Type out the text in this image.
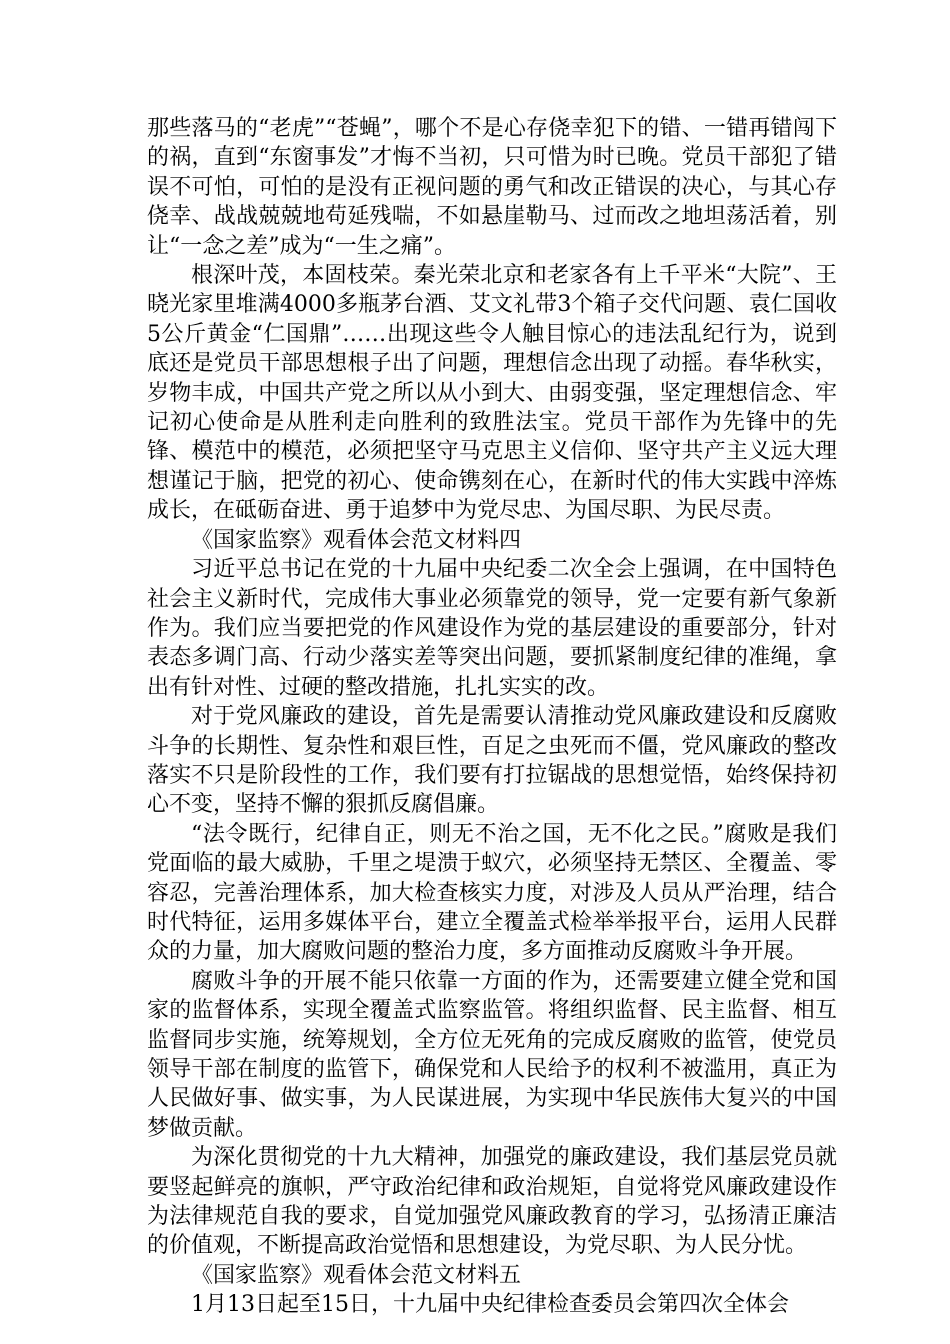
那些落马的“老虎”“苍蝇”，哪个不是心存侥幸犯下的错、一错再错闯下的祸，直到“东窗事发”才悔不当初，只可惜为时已晚。党员干部犯了错误不可怕，可怕的是没有正视问题的勇气和改正错误的决心，与其心存侥幸、战战兢兢地苟延残喘，不如悬崖勒马、过而改之地坦荡活着，别让“一念之差”成为“一生之痛”。

根深叶茂，本固枝荣。秦光荣北京和老家各有上千平米“大院”、王晓光家里堆满4000多瓶茅台酒、艾文礼带3个箱子交代问题、袁仁国收5公斤黄金“仁国鼎”……出现这些令人触目惊心的违法乱纪行为，说到底还是党员干部思想根子出了问题，理想信念出现了动摇。春华秋实，岁物丰成，中国共产党之所以从小到大、由弱变强，坚定理想信念、牢记初心使命是从胜利走向胜利的致胜法宝。党员干部作为先锋中的先锋、模范中的模范，必须把坚守马克思主义信仰、坚守共产主义远大理想谨记于脑，把党的初心、使命镌刻在心，在新时代的伟大实践中淬炼成长，在砥砺奋进、勇于追梦中为党尽忠、为国尽职、为民尽责。

《国家监察》观看体会范文材料四

习近平总书记在党的十九届中央纪委二次全会上强调，在中国特色社会主义新时代，完成伟大事业必须靠党的领导，党一定要有新气象新作为。我们应当要把党的作风建设作为党的基层建设的重要部分，针对表态多调门高、行动少落实差等突出问题，要抓紧制度纪律的准绳，拿出有针对性、过硬的整改措施，扎扎实实的改。

对于党风廉政的建设，首先是需要认清推动党风廉政建设和反腐败斗争的长期性、复杂性和艰巨性，百足之虫死而不僵，党风廉政的整改落实不只是阶段性的工作，我们要有打拉锯战的思想觉悟，始终保持初心不变，坚持不懈的狠抓反腐倡廉。

“法令既行，纪律自正，则无不治之国，无不化之民。”腐败是我们党面临的最大威胁，千里之堤溃于蚁穴，必须坚持无禁区、全覆盖、零容忍，完善治理体系，加大检查核实力度，对涉及人员从严治理，结合时代特征，运用多媒体平台，建立全覆盖式检举举报平台，运用人民群众的力量，加大腐败问题的整治力度，多方面推动反腐败斗争开展。

腐败斗争的开展不能只依靠一方面的作为，还需要建立健全党和国家的监督体系，实现全覆盖式监察监管。将组织监督、民主监督、相互监督同步实施，统筹规划，全方位无死角的完成反腐败的监管，使党员领导干部在制度的监管下，确保党和人民给予的权利不被滥用，真正为人民做好事、做实事，为人民谋进展，为实现中华民族伟大复兴的中国梦做贡献。

为深化贯彻党的十九大精神，加强党的廉政建设，我们基层党员就要竖起鲜亮的旗帜，严守政治纪律和政治规矩，自觉将党风廉政建设作为法律规范自我的要求，自觉加强党风廉政教育的学习，弘扬清正廉洁的价值观，不断提高政治觉悟和思想建设，为党尽职、为人民分忧。

《国家监察》观看体会范文材料五

1月13日起至15日，十九届中央纪律检查委员会第四次全体会
